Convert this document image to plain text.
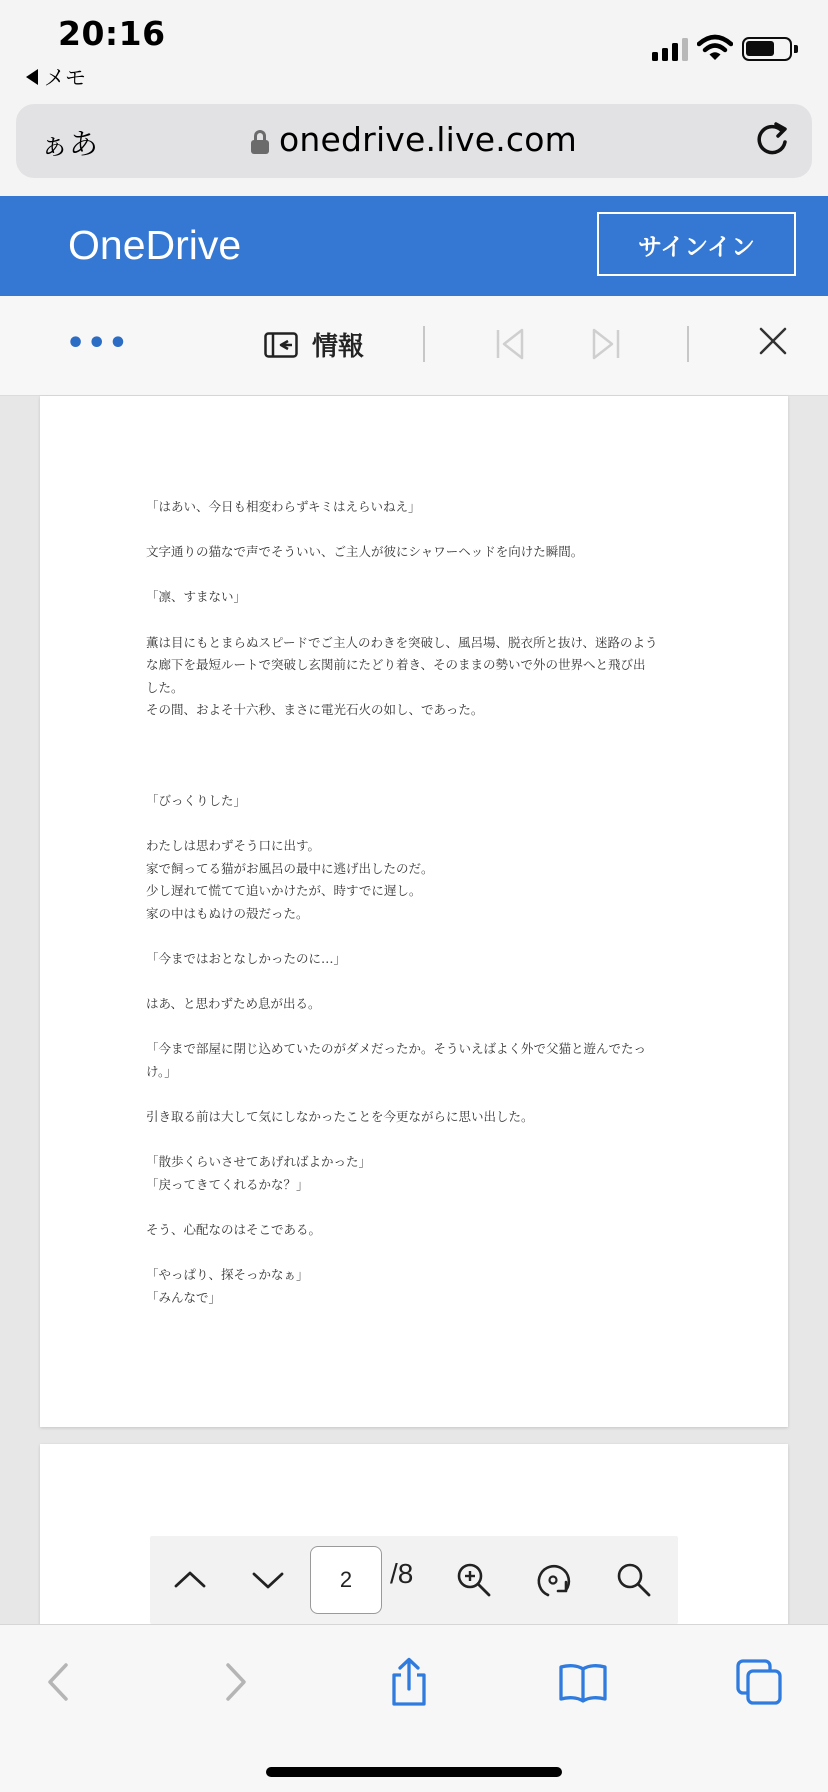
20:16
メモ
ぁあ	onedrive.live.com
OneDrive	サインイン
•••	情報
「はあい、今日も相変わらずキミはえらいねえ」
文字通りの猫なで声でそういい、ご主人が彼にシャワーヘッドを向けた瞬間。
「凛、すまない」
薫は目にもとまらぬスピードでご主人のわきを突破し、風呂場、脱衣所と抜け、迷路のよう
な廊下を最短ルートで突破し玄関前にたどり着き、そのままの勢いで外の世界へと飛び出
した。
その間、およそ十六秒、まさに電光石火の如し、であった。
「びっくりした」
わたしは思わずそう口に出す。
家で飼ってる猫がお風呂の最中に逃げ出したのだ。
少し遅れて慌てて追いかけたが、時すでに遅し。
家の中はもぬけの殻だった。
「今まではおとなしかったのに…」
はあ、と思わずため息が出る。
「今まで部屋に閉じ込めていたのがダメだったか。そういえばよく外で父猫と遊んでたっ
け。」
引き取る前は大して気にしなかったことを今更ながらに思い出した。
「散歩くらいさせてあげればよかった」
「戻ってきてくれるかな？」
そう、心配なのはそこである。
「やっぱり、探そっかなぁ」
「みんなで」
2
/8
